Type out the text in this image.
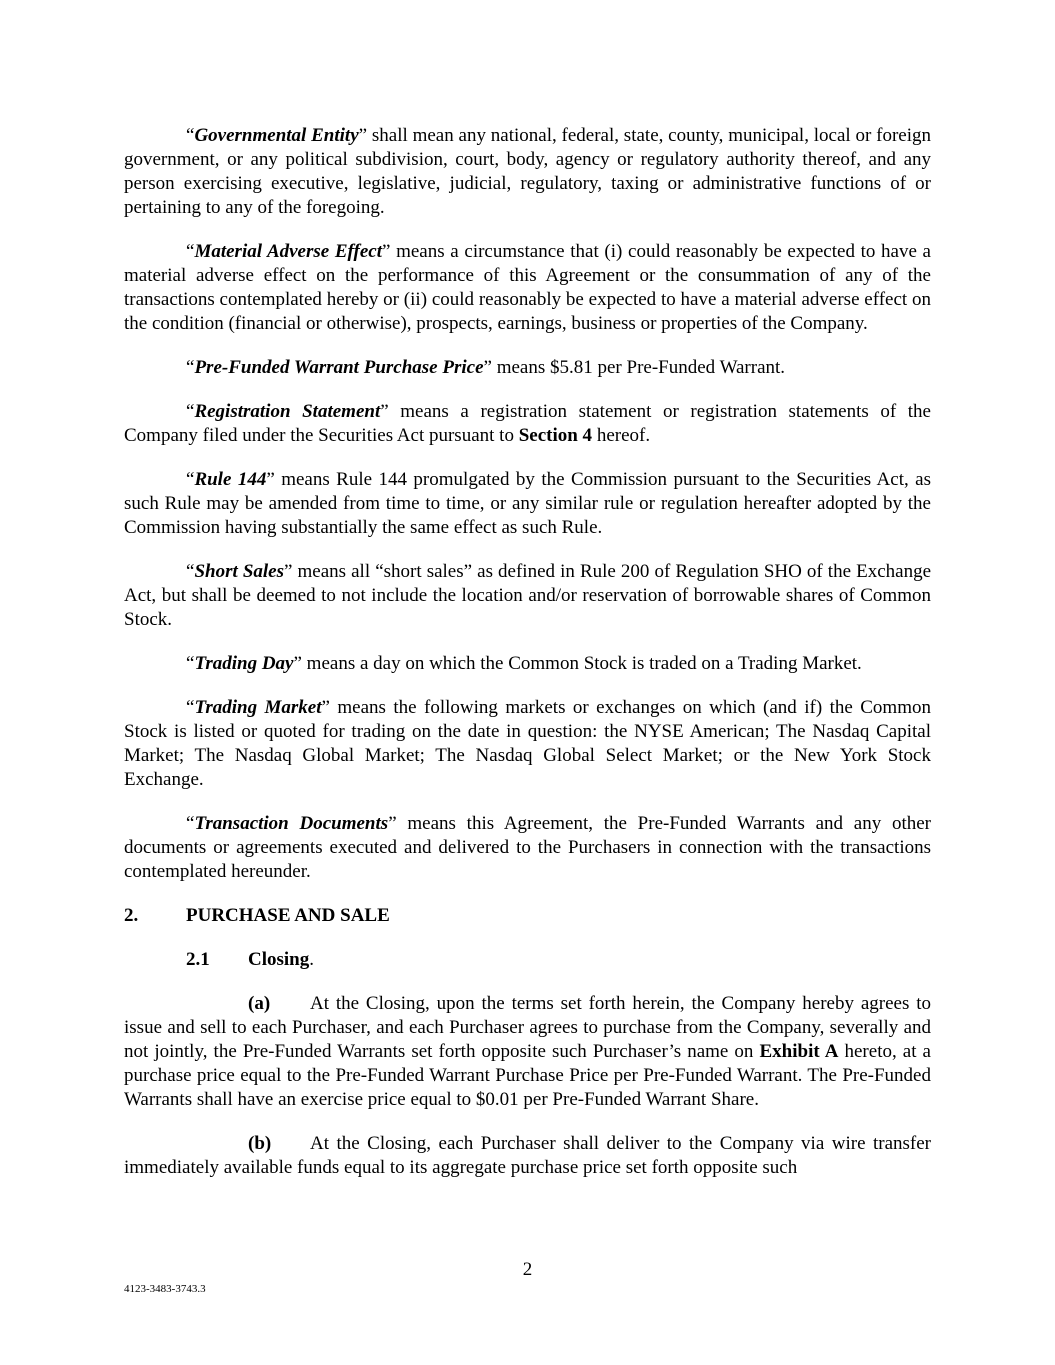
“Governmental Entity” shall mean any national, federal, state, county, municipal, local or foreign government, or any political subdivision, court, body, agency or regulatory authority thereof, and any person exercising executive, legislative, judicial, regulatory, taxing or administrative functions of or pertaining to any of the foregoing.

“Material Adverse Effect” means a circumstance that (i) could reasonably be expected to have a material adverse effect on the performance of this Agreement or the consummation of any of the transactions contemplated hereby or (ii) could reasonably be expected to have a material adverse effect on the condition (financial or otherwise), prospects, earnings, business or properties of the Company.

“Pre-Funded Warrant Purchase Price” means $5.81 per Pre-Funded Warrant.

“Registration Statement” means a registration statement or registration statements of the Company filed under the Securities Act pursuant to Section 4 hereof.

“Rule 144” means Rule 144 promulgated by the Commission pursuant to the Securities Act, as such Rule may be amended from time to time, or any similar rule or regulation hereafter adopted by the Commission having substantially the same effect as such Rule.

“Short Sales” means all “short sales” as defined in Rule 200 of Regulation SHO of the Exchange Act, but shall be deemed to not include the location and/or reservation of borrowable shares of Common Stock.

“Trading Day” means a day on which the Common Stock is traded on a Trading Market.

“Trading Market” means the following markets or exchanges on which (and if) the Common Stock is listed or quoted for trading on the date in question: the NYSE American; The Nasdaq Capital Market; The Nasdaq Global Market; The Nasdaq Global Select Market; or the New York Stock Exchange.

“Transaction Documents” means this Agreement, the Pre-Funded Warrants and any other documents or agreements executed and delivered to the Purchasers in connection with the transactions contemplated hereunder.

2.	PURCHASE AND SALE
2.1 Closing.

(a) At the Closing, upon the terms set forth herein, the Company hereby agrees to issue and sell to each Purchaser, and each Purchaser agrees to purchase from the Company, severally and not jointly, the Pre-Funded Warrants set forth opposite such Purchaser’s name on Exhibit A hereto, at a purchase price equal to the Pre-Funded Warrant Purchase Price per Pre-Funded Warrant. The Pre-Funded Warrants shall have an exercise price equal to $0.01 per Pre-Funded Warrant Share.

(b) At the Closing, each Purchaser shall deliver to the Company via wire transfer immediately available funds equal to its aggregate purchase price set forth opposite such

2
4123-3483-3743.3
